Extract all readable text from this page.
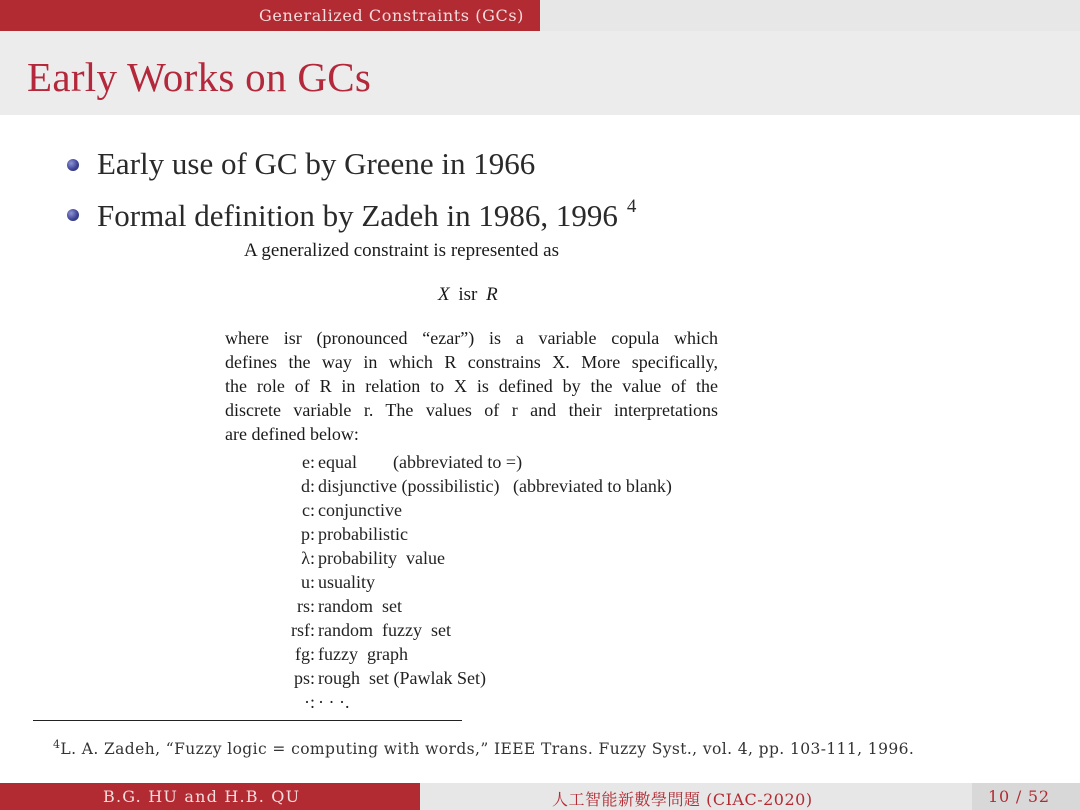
Generalized Constraints (GCs)
Early Works on GCs
Early use of GC by Greene in 1966
Formal definition by Zadeh in 1986, 1996 $^4$
A generalized constraint is represented as
X isr R
where isr (pronounced “ezar”) is a variable copula which
defines the way in which R constrains X. More specifically,
the role of R in relation to X is defined by the value of the
discrete variable r. The values of r and their interpretations
are defined below:
e: equal        (abbreviated to =)
d: disjunctive (possibilistic)   (abbreviated to blank)
c: conjunctive
p: probabilistic
λ: probability  value
u: usuality
rs: random  set
rsf: random  fuzzy  set
fg: fuzzy  graph
ps: rough  set (Pawlak Set)
·: · · ·.
$^4$L. A. Zadeh, “Fuzzy logic = computing with words,” IEEE Trans. Fuzzy Syst., vol. 4, pp. 103-111, 1996.
B.G. HU and H.B. QU	人工智能新數學問題 (CIAC-2020)	10 / 52
